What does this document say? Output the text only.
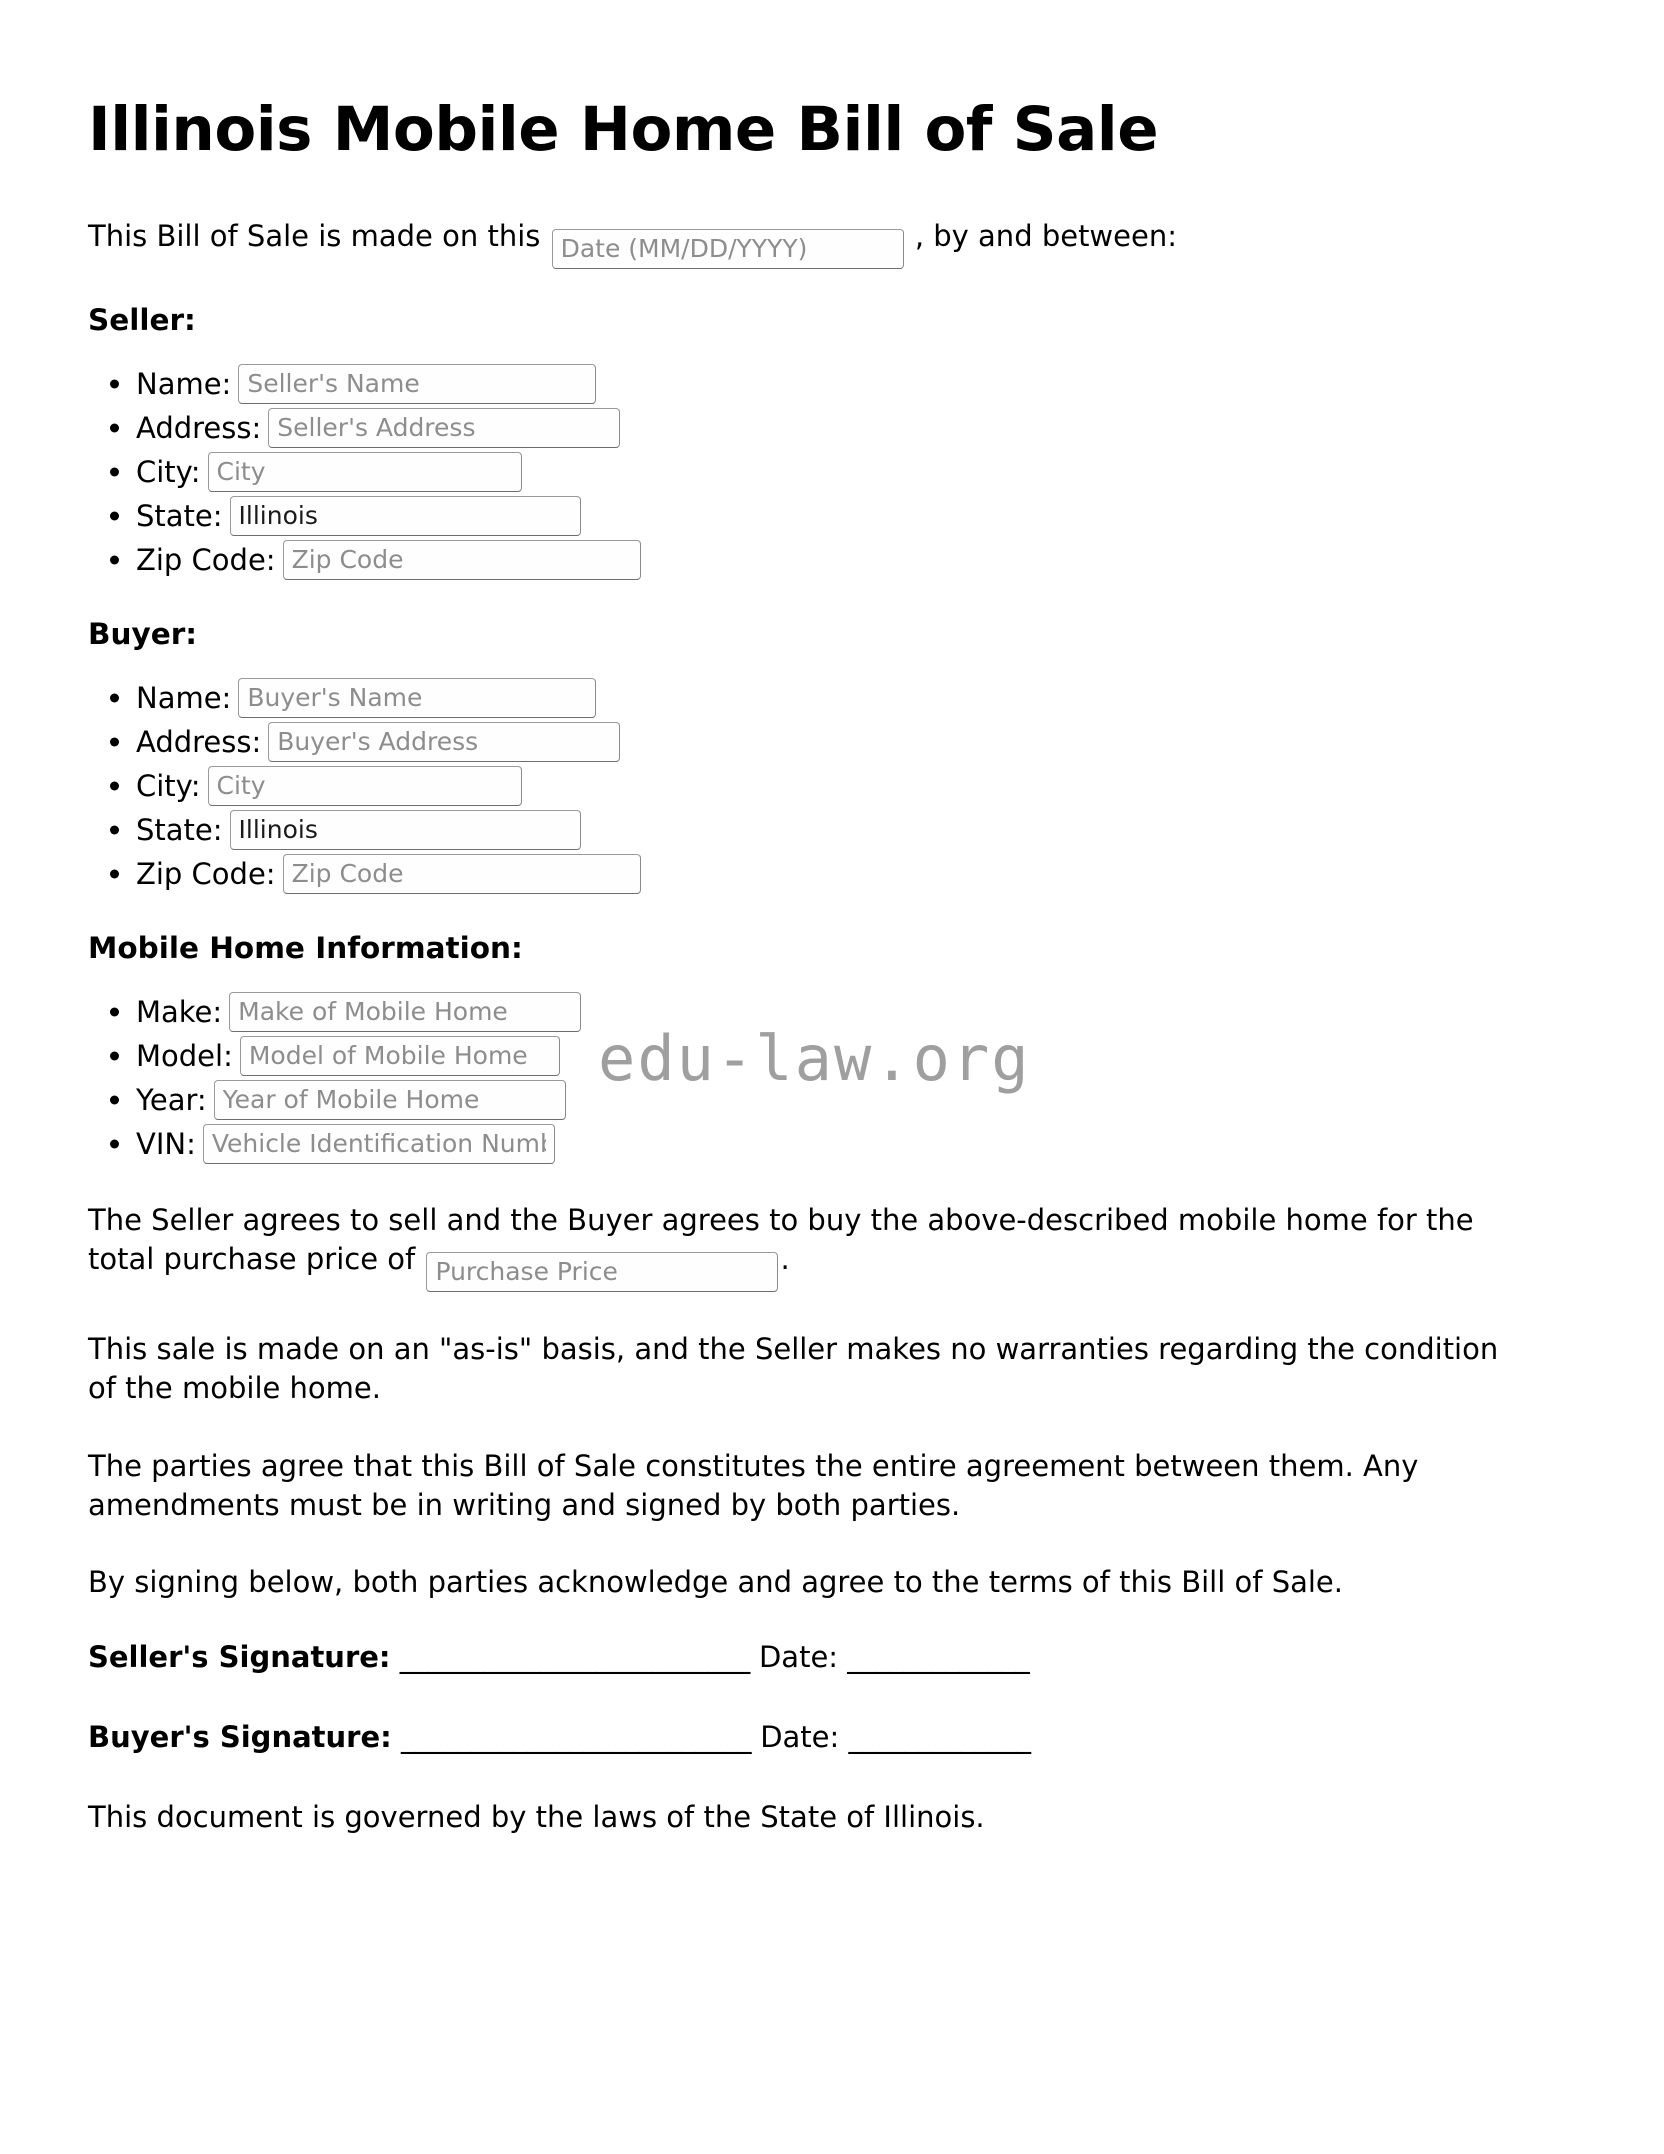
edu-law.org
Illinois Mobile Home Bill of Sale

This Bill of Sale is made on this Date (MM/DD/YYYY)	, by and between:

Seller:
Name:
Seller's Name
Address:
Seller's Address
City:
City
State:
Illinois
Zip Code:
Zip Code
Buyer:
Name:
Buyer's Name
Address:
Buyer's Address
City:
City
State:
Illinois
Zip Code:
Zip Code
Mobile Home Information:
Make:
Make of Mobile Home
Model:
Model of Mobile Home
Year:
Year of Mobile Home
VIN:
Vehicle Identification Number

The Seller agrees to sell and the Buyer agrees to buy the above-described mobile home for the total purchase price of Purchase Price	.

This sale is made on an "as-is" basis, and the Seller makes no warranties regarding the condition of the mobile home.

The parties agree that this Bill of Sale constitutes the entire agreement between them. Any amendments must be in writing and signed by both parties.

By signing below, both parties acknowledge and agree to the terms of this Bill of Sale.

Seller's Signature: _________________________ Date: _____________
Buyer's Signature: _________________________ Date: _____________

This document is governed by the laws of the State of Illinois.
